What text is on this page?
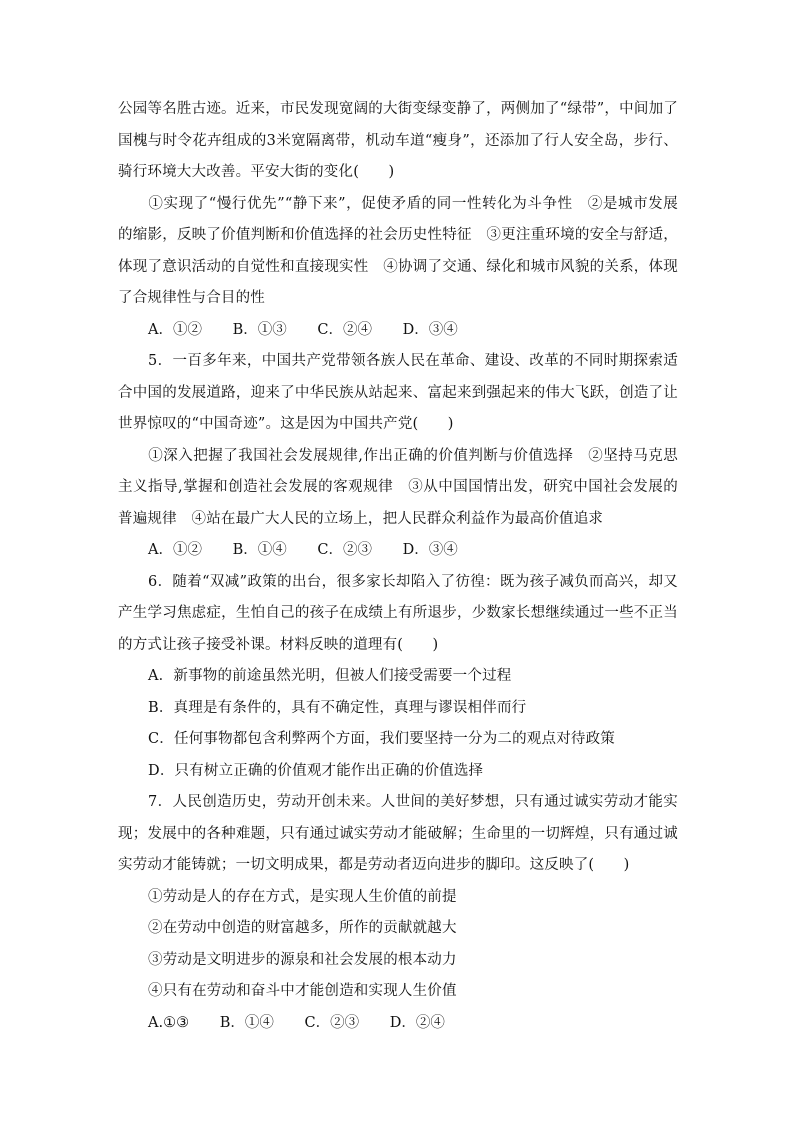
公园等名胜古迹。近来，市民发现宽阔的大街变绿变静了，两侧加了“绿带”，中间加了国槐与时令花卉组成的3米宽隔离带，机动车道“瘦身”，还添加了行人安全岛，步行、骑行环境大大改善。平安大街的变化(　　)

①实现了“慢行优先”“静下来”，促使矛盾的同一性转化为斗争性　②是城市发展的缩影，反映了价值判断和价值选择的社会历史性特征　③更注重环境的安全与舒适，体现了意识活动的自觉性和直接现实性　④协调了交通、绿化和城市风貌的关系，体现了合规律性与合目的性

A．①② B．①③ C．②④ D．③④

5．一百多年来，中国共产党带领各族人民在革命、建设、改革的不同时期探索适合中国的发展道路，迎来了中华民族从站起来、富起来到强起来的伟大飞跃，创造了让世界惊叹的“中国奇迹”。这是因为中国共产党(　　)

①深入把握了我国社会发展规律,作出正确的价值判断与价值选择　②坚持马克思主义指导,掌握和创造社会发展的客观规律　③从中国国情出发，研究中国社会发展的普遍规律　④站在最广大人民的立场上，把人民群众利益作为最高价值追求

A．①② B．①④ C．②③ D．③④

6．随着“双减”政策的出台，很多家长却陷入了彷徨：既为孩子减负而高兴，却又产生学习焦虑症，生怕自己的孩子在成绩上有所退步，少数家长想继续通过一些不正当的方式让孩子接受补课。材料反映的道理有(　　)

A．新事物的前途虽然光明，但被人们接受需要一个过程

B．真理是有条件的，具有不确定性，真理与谬误相伴而行

C．任何事物都包含利弊两个方面，我们要坚持一分为二的观点对待政策

D．只有树立正确的价值观才能作出正确的价值选择

7．人民创造历史，劳动开创未来。人世间的美好梦想，只有通过诚实劳动才能实现；发展中的各种难题，只有通过诚实劳动才能破解；生命里的一切辉煌，只有通过诚实劳动才能铸就；一切文明成果，都是劳动者迈向进步的脚印。这反映了(　　)

①劳动是人的存在方式，是实现人生价值的前提

②在劳动中创造的财富越多，所作的贡献就越大

③劳动是文明进步的源泉和社会发展的根本动力

④只有在劳动和奋斗中才能创造和实现人生价值

A.①③ B．①④ C．②③ D．②④
